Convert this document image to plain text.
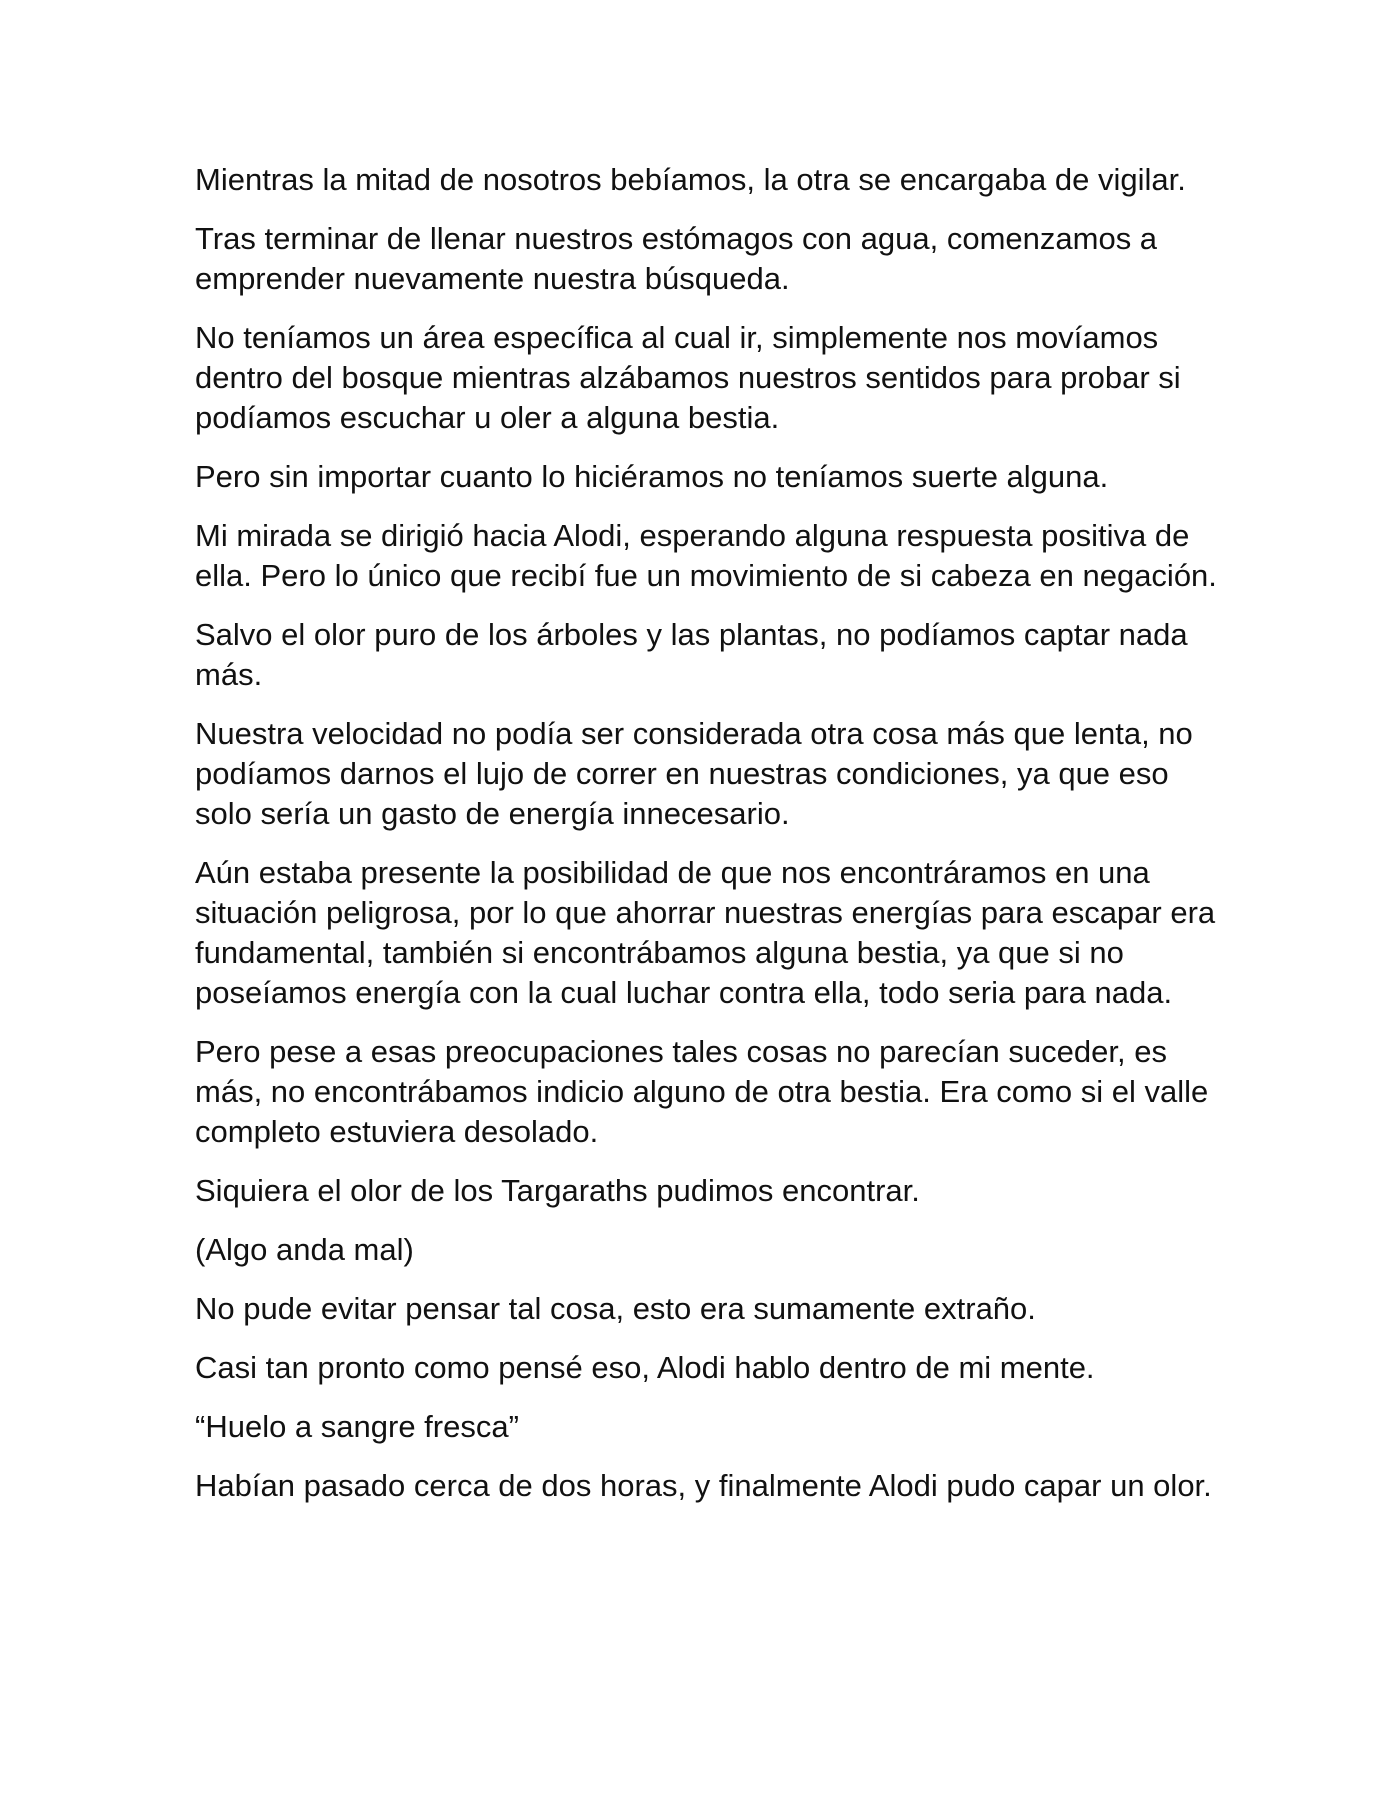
Mientras la mitad de nosotros bebíamos, la otra se encargaba de vigilar.

Tras terminar de llenar nuestros estómagos con agua, comenzamos a emprender nuevamente nuestra búsqueda.

No teníamos un área específica al cual ir, simplemente nos movíamos dentro del bosque mientras alzábamos nuestros sentidos para probar si podíamos escuchar u oler a alguna bestia.

Pero sin importar cuanto lo hiciéramos no teníamos suerte alguna.

Mi mirada se dirigió hacia Alodi, esperando alguna respuesta positiva de ella. Pero lo único que recibí fue un movimiento de si cabeza en negación.

Salvo el olor puro de los árboles y las plantas, no podíamos captar nada más.

Nuestra velocidad no podía ser considerada otra cosa más que lenta, no podíamos darnos el lujo de correr en nuestras condiciones, ya que eso solo sería un gasto de energía innecesario.

Aún estaba presente la posibilidad de que nos encontráramos en una situación peligrosa, por lo que ahorrar nuestras energías para escapar era fundamental, también si encontrábamos alguna bestia, ya que si no poseíamos energía con la cual luchar contra ella, todo seria para nada.

Pero pese a esas preocupaciones tales cosas no parecían suceder, es más, no encontrábamos indicio alguno de otra bestia. Era como si el valle completo estuviera desolado.

Siquiera el olor de los Targaraths pudimos encontrar.

(Algo anda mal)

No pude evitar pensar tal cosa, esto era sumamente extraño.

Casi tan pronto como pensé eso, Alodi hablo dentro de mi mente.

“Huelo a sangre fresca”

Habían pasado cerca de dos horas, y finalmente Alodi pudo capar un olor.
